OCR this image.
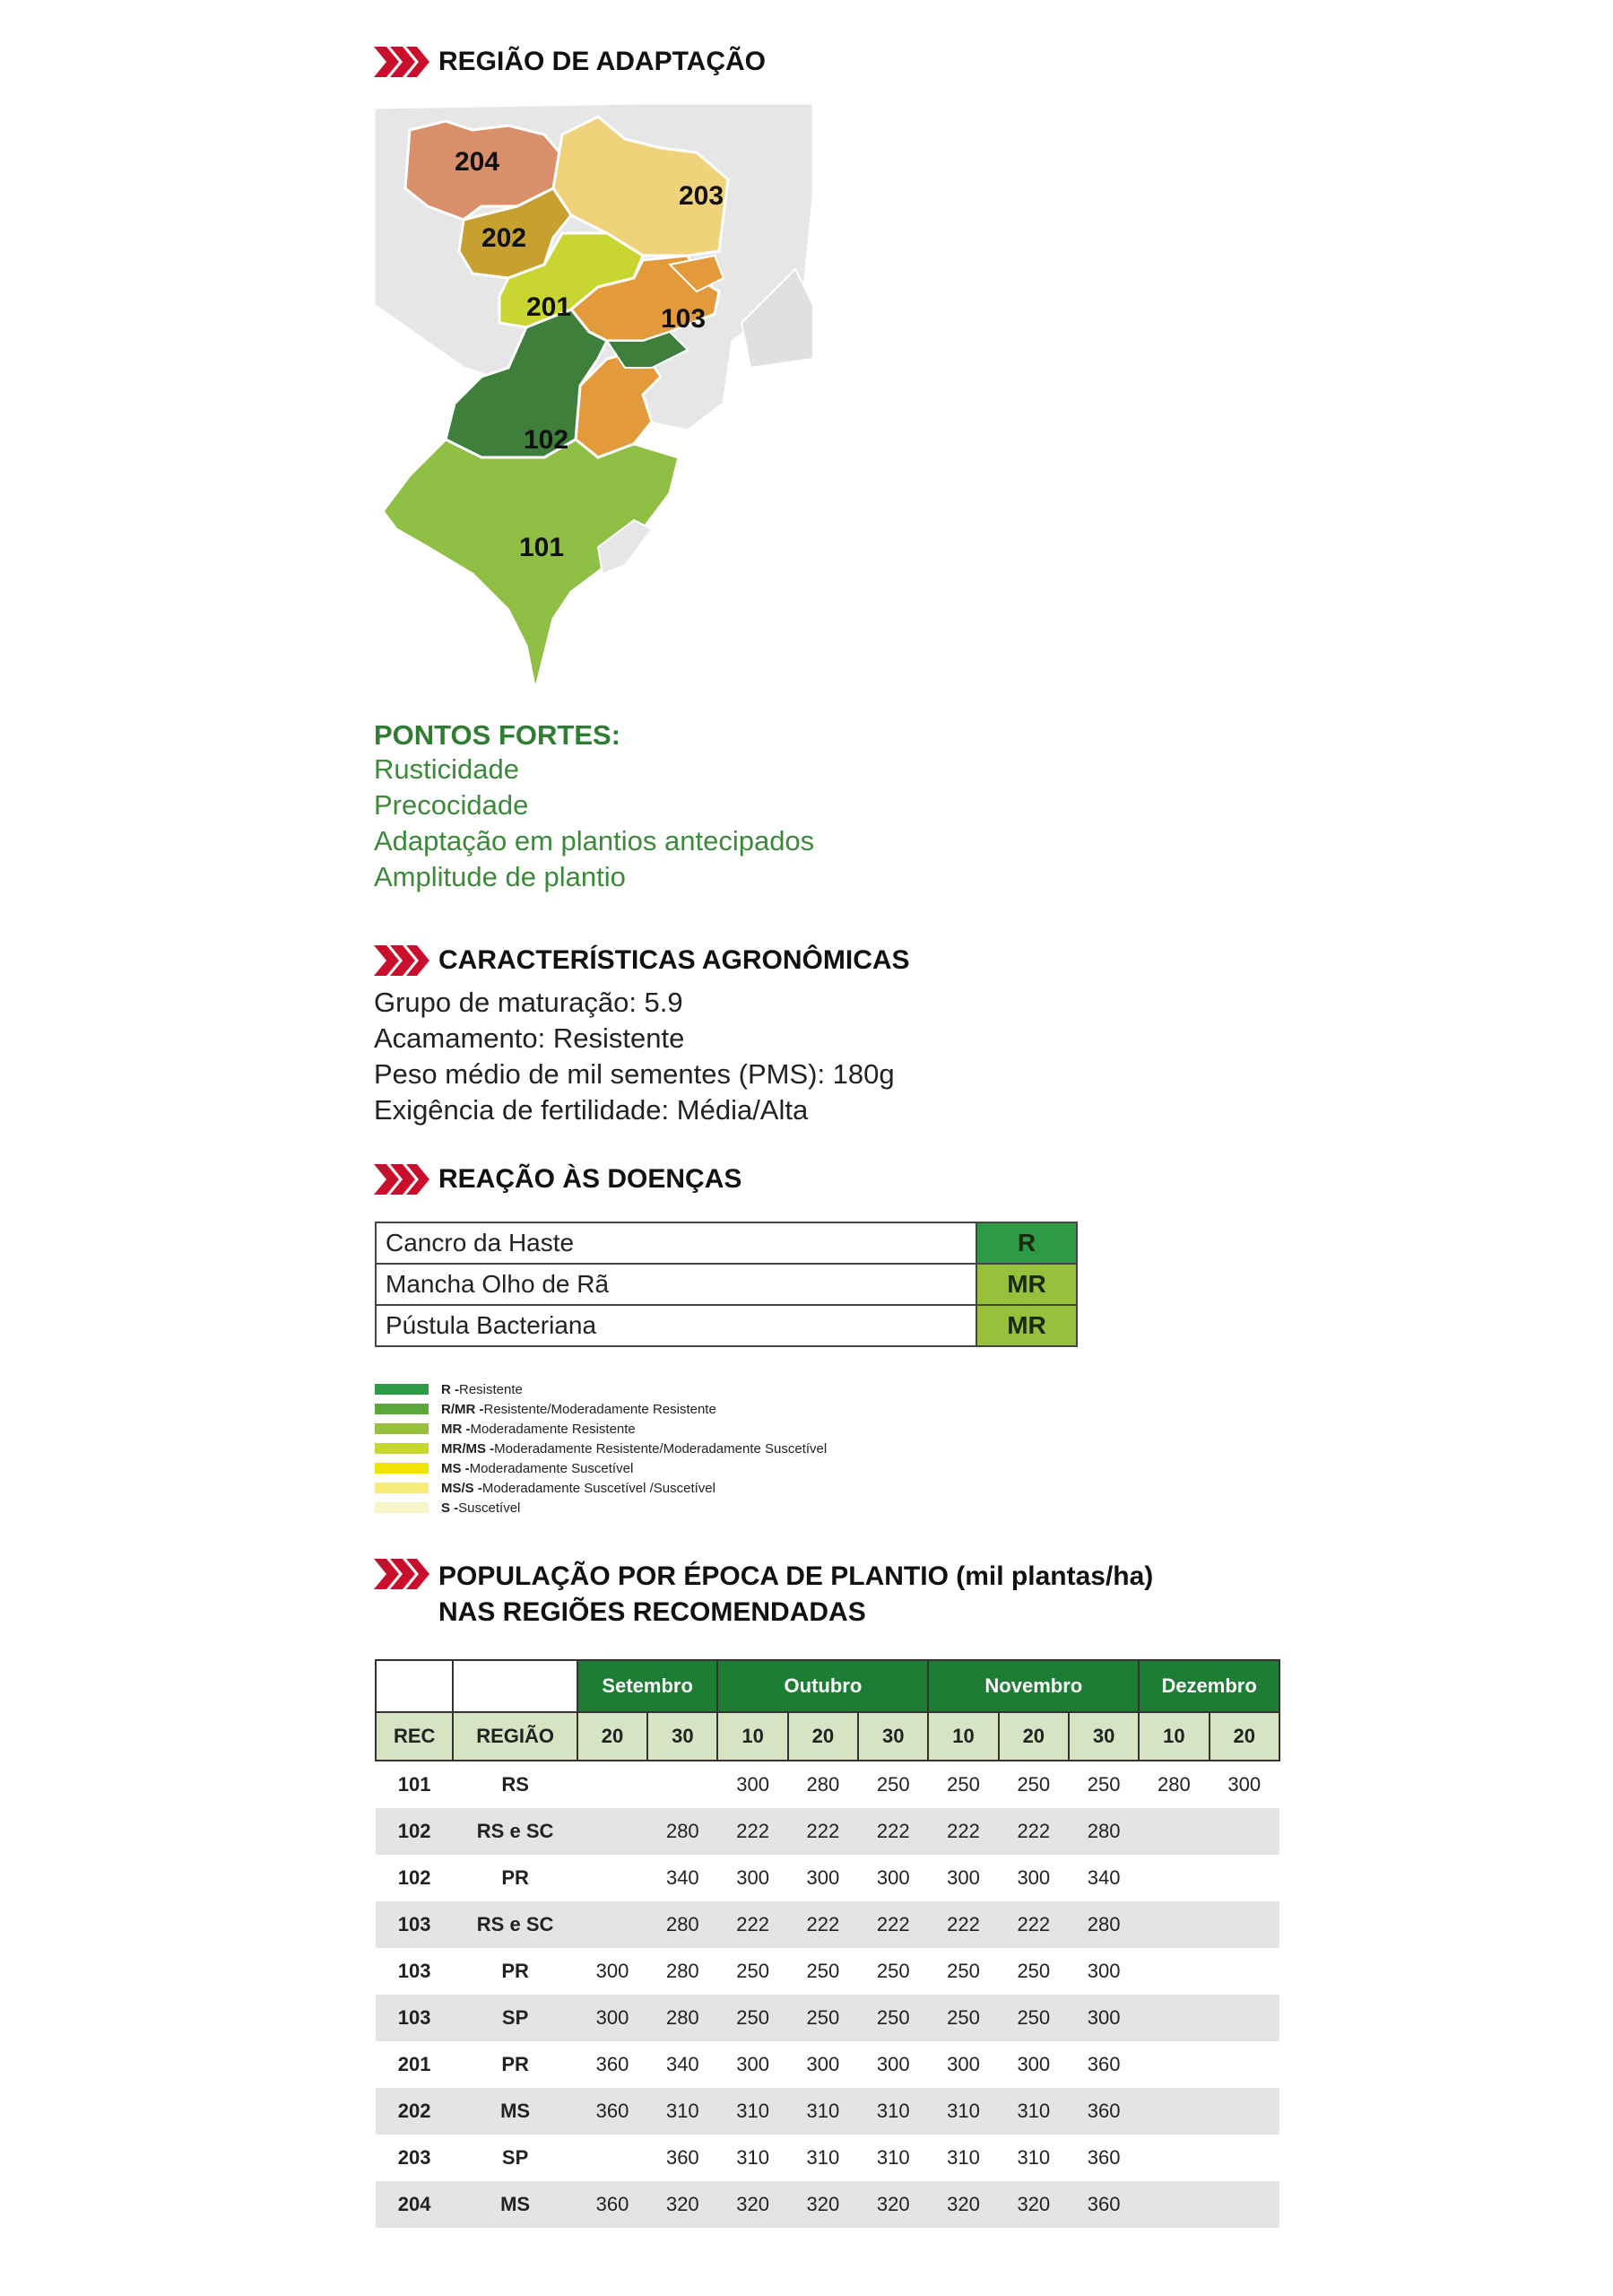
REGIÃO DE ADAPTAÇÃO
204
203
202
201	103
102
101
PONTOS FORTES:
Rusticidade
Precocidade
Adaptação em plantios antecipados
Amplitude de plantio
CARACTERÍSTICAS AGRONÔMICAS
Grupo de maturação: 5.9
Acamamento: Resistente
Peso médio de mil sementes (PMS): 180g
Exigência de fertilidade: Média/Alta
REAÇÃO ÀS DOENÇAS
Cancro da Haste	R
Mancha Olho de Rã	MR
Pústula Bacteriana	MR
R - Resistente
R/MR - Resistente/Moderadamente Resistente
MR - Moderadamente Resistente
MR/MS - Moderadamente Resistente/Moderadamente Suscetível
MS - Moderadamente Suscetível
MS/S - Moderadamente Suscetível /Suscetível
S - Suscetível
POPULAÇÃO POR ÉPOCA DE PLANTIO (mil plantas/ha)
NAS REGIÕES RECOMENDADAS
		Setembro		Outubro			Novembro			Dezembro	
REC	REGIÃO	20	30	10	20	30	10	20	30	10	20
101	RS			300	280	250	250	250	250	280	300
102	RS e SC		280	222	222	222	222	222	280		
102	PR		340	300	300	300	300	300	340		
103	RS e SC		280	222	222	222	222	222	280		
103	PR	300	280	250	250	250	250	250	300		
103	SP	300	280	250	250	250	250	250	300		
201	PR	360	340	300	300	300	300	300	360		
202	MS	360	310	310	310	310	310	310	360		
203	SP		360	310	310	310	310	310	360		
204	MS	360	320	320	320	320	320	320	360		
